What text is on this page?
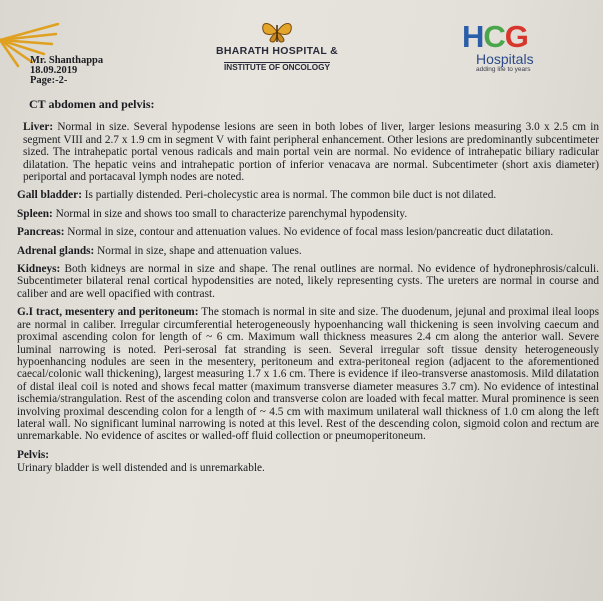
Mr. Shanthappa
18.09.2019
Page:-2-
BHARATH HOSPITAL &
INSTITUTE OF ONCOLOGY
HCG
Hospitals
adding life to years

CT abdomen and pelvis:

Liver: Normal in size. Several hypodense lesions are seen in both lobes of liver, larger lesions measuring 3.0 x 2.5 cm in segment VIII and 2.7 x 1.9 cm in segment V with faint peripheral enhancement. Other lesions are predominantly subcentimeter sized. The intrahepatic portal venous radicals and main portal vein are normal. No evidence of intrahepatic biliary radicular dilatation. The hepatic veins and intrahepatic portion of inferior venacava are normal. Subcentimeter (short axis diameter) periportal and portacaval lymph nodes are noted.

Gall bladder: Is partially distended. Peri-cholecystic area is normal. The common bile duct is not dilated.

Spleen: Normal in size and shows too small to characterize parenchymal hypodensity.

Pancreas: Normal in size, contour and attenuation values. No evidence of focal mass lesion/pancreatic duct dilatation.

Adrenal glands: Normal in size, shape and attenuation values.

Kidneys: Both kidneys are normal in size and shape. The renal outlines are normal. No evidence of hydronephrosis/calculi. Subcentimeter bilateral renal cortical hypodensities are noted, likely representing cysts. The ureters are normal in course and caliber and are well opacified with contrast.

G.I tract, mesentery and peritoneum: The stomach is normal in site and size. The duodenum, jejunal and proximal ileal loops are normal in caliber. Irregular circumferential heterogeneously hypoenhancing wall thickening is seen involving caecum and proximal ascending colon for length of ~ 6 cm. Maximum wall thickness measures 2.4 cm along the anterior wall. Severe luminal narrowing is noted. Peri-serosal fat stranding is seen. Several irregular soft tissue density heterogeneously hypoenhancing nodules are seen in the mesentery, peritoneum and extra-peritoneal region (adjacent to the aforementioned caecal/colonic wall thickening), largest measuring 1.7 x 1.6 cm. There is evidence if ileo-transverse anastomosis. Mild dilatation of distal ileal coil is noted and shows fecal matter (maximum transverse diameter measures 3.7 cm). No evidence of intestinal ischemia/strangulation. Rest of the ascending colon and transverse colon are loaded with fecal matter. Mural prominence is seen involving proximal descending colon for a length of ~ 4.5 cm with maximum unilateral wall thickness of 1.0 cm along the left lateral wall. No significant luminal narrowing is noted at this level. Rest of the descending colon, sigmoid colon and rectum are unremarkable. No evidence of ascites or walled-off fluid collection or pneumoperitoneum.

Pelvis:

Urinary bladder is well distended and is unremarkable.
